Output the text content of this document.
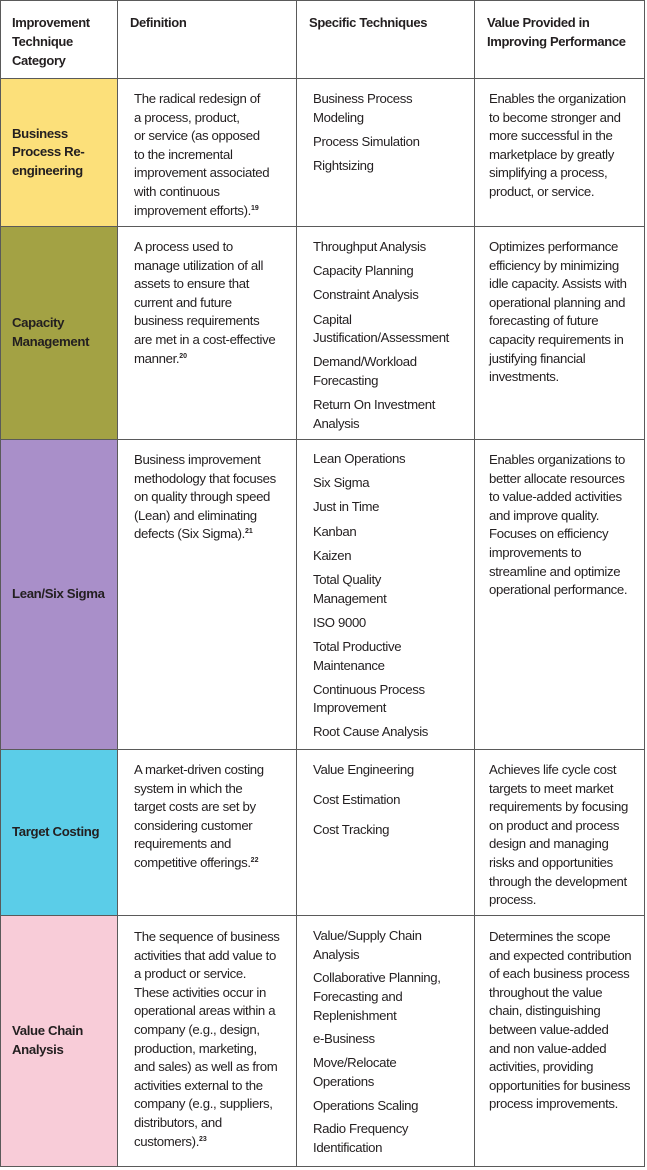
Improvement Technique Category
Definition	Specific Techniques	Value Provided in Improving Performance
Business Process Re-engineering
The radical redesign of
a process, product,
or service (as opposed
to the incremental
improvement associated
with continuous
improvement efforts).$^{19}$
Business Process Modeling
Process Simulation
Rightsizing
Enables the organization
to become stronger and
more successful in the
marketplace by greatly
simplifying a process,
product, or service.
Capacity Management
A process used to
manage utilization of all
assets to ensure that
current and future
business requirements
are met in a cost-effective
manner.$^{20}$
Throughput Analysis
Capacity Planning
Constraint Analysis
Capital Justification/Assessment
Demand/Workload Forecasting
Return On Investment Analysis
Optimizes performance
efficiency by minimizing
idle capacity. Assists with
operational planning and
forecasting of future
capacity requirements in
justifying financial
investments.
Lean/Six Sigma
Business improvement
methodology that focuses
on quality through speed
(Lean) and eliminating
defects (Six Sigma).$^{21}$
Lean Operations
Six Sigma
Just in Time
Kanban
Kaizen
Total Quality Management
ISO 9000
Total Productive Maintenance
Continuous Process Improvement
Root Cause Analysis
Enables organizations to
better allocate resources
to value-added activities
and improve quality.
Focuses on efficiency
improvements to
streamline and optimize
operational performance.
Target Costing
A market-driven costing
system in which the
target costs are set by
considering customer
requirements and
competitive offerings.$^{22}$
Value Engineering
Cost Estimation
Cost Tracking
Achieves life cycle cost
targets to meet market
requirements by focusing
on product and process
design and managing
risks and opportunities
through the development
process.
Value Chain Analysis
The sequence of business
activities that add value to
a product or service.
These activities occur in
operational areas within a
company (e.g., design,
production, marketing,
and sales) as well as from
activities external to the
company (e.g., suppliers,
distributors, and
customers).$^{23}$
Value/Supply Chain Analysis
Collaborative Planning, Forecasting and Replenishment
e-Business
Move/Relocate Operations
Operations Scaling
Radio Frequency Identification
Determines the scope
and expected contribution
of each business process
throughout the value
chain, distinguishing
between value-added
and non value-added
activities, providing
opportunities for business
process improvements.
